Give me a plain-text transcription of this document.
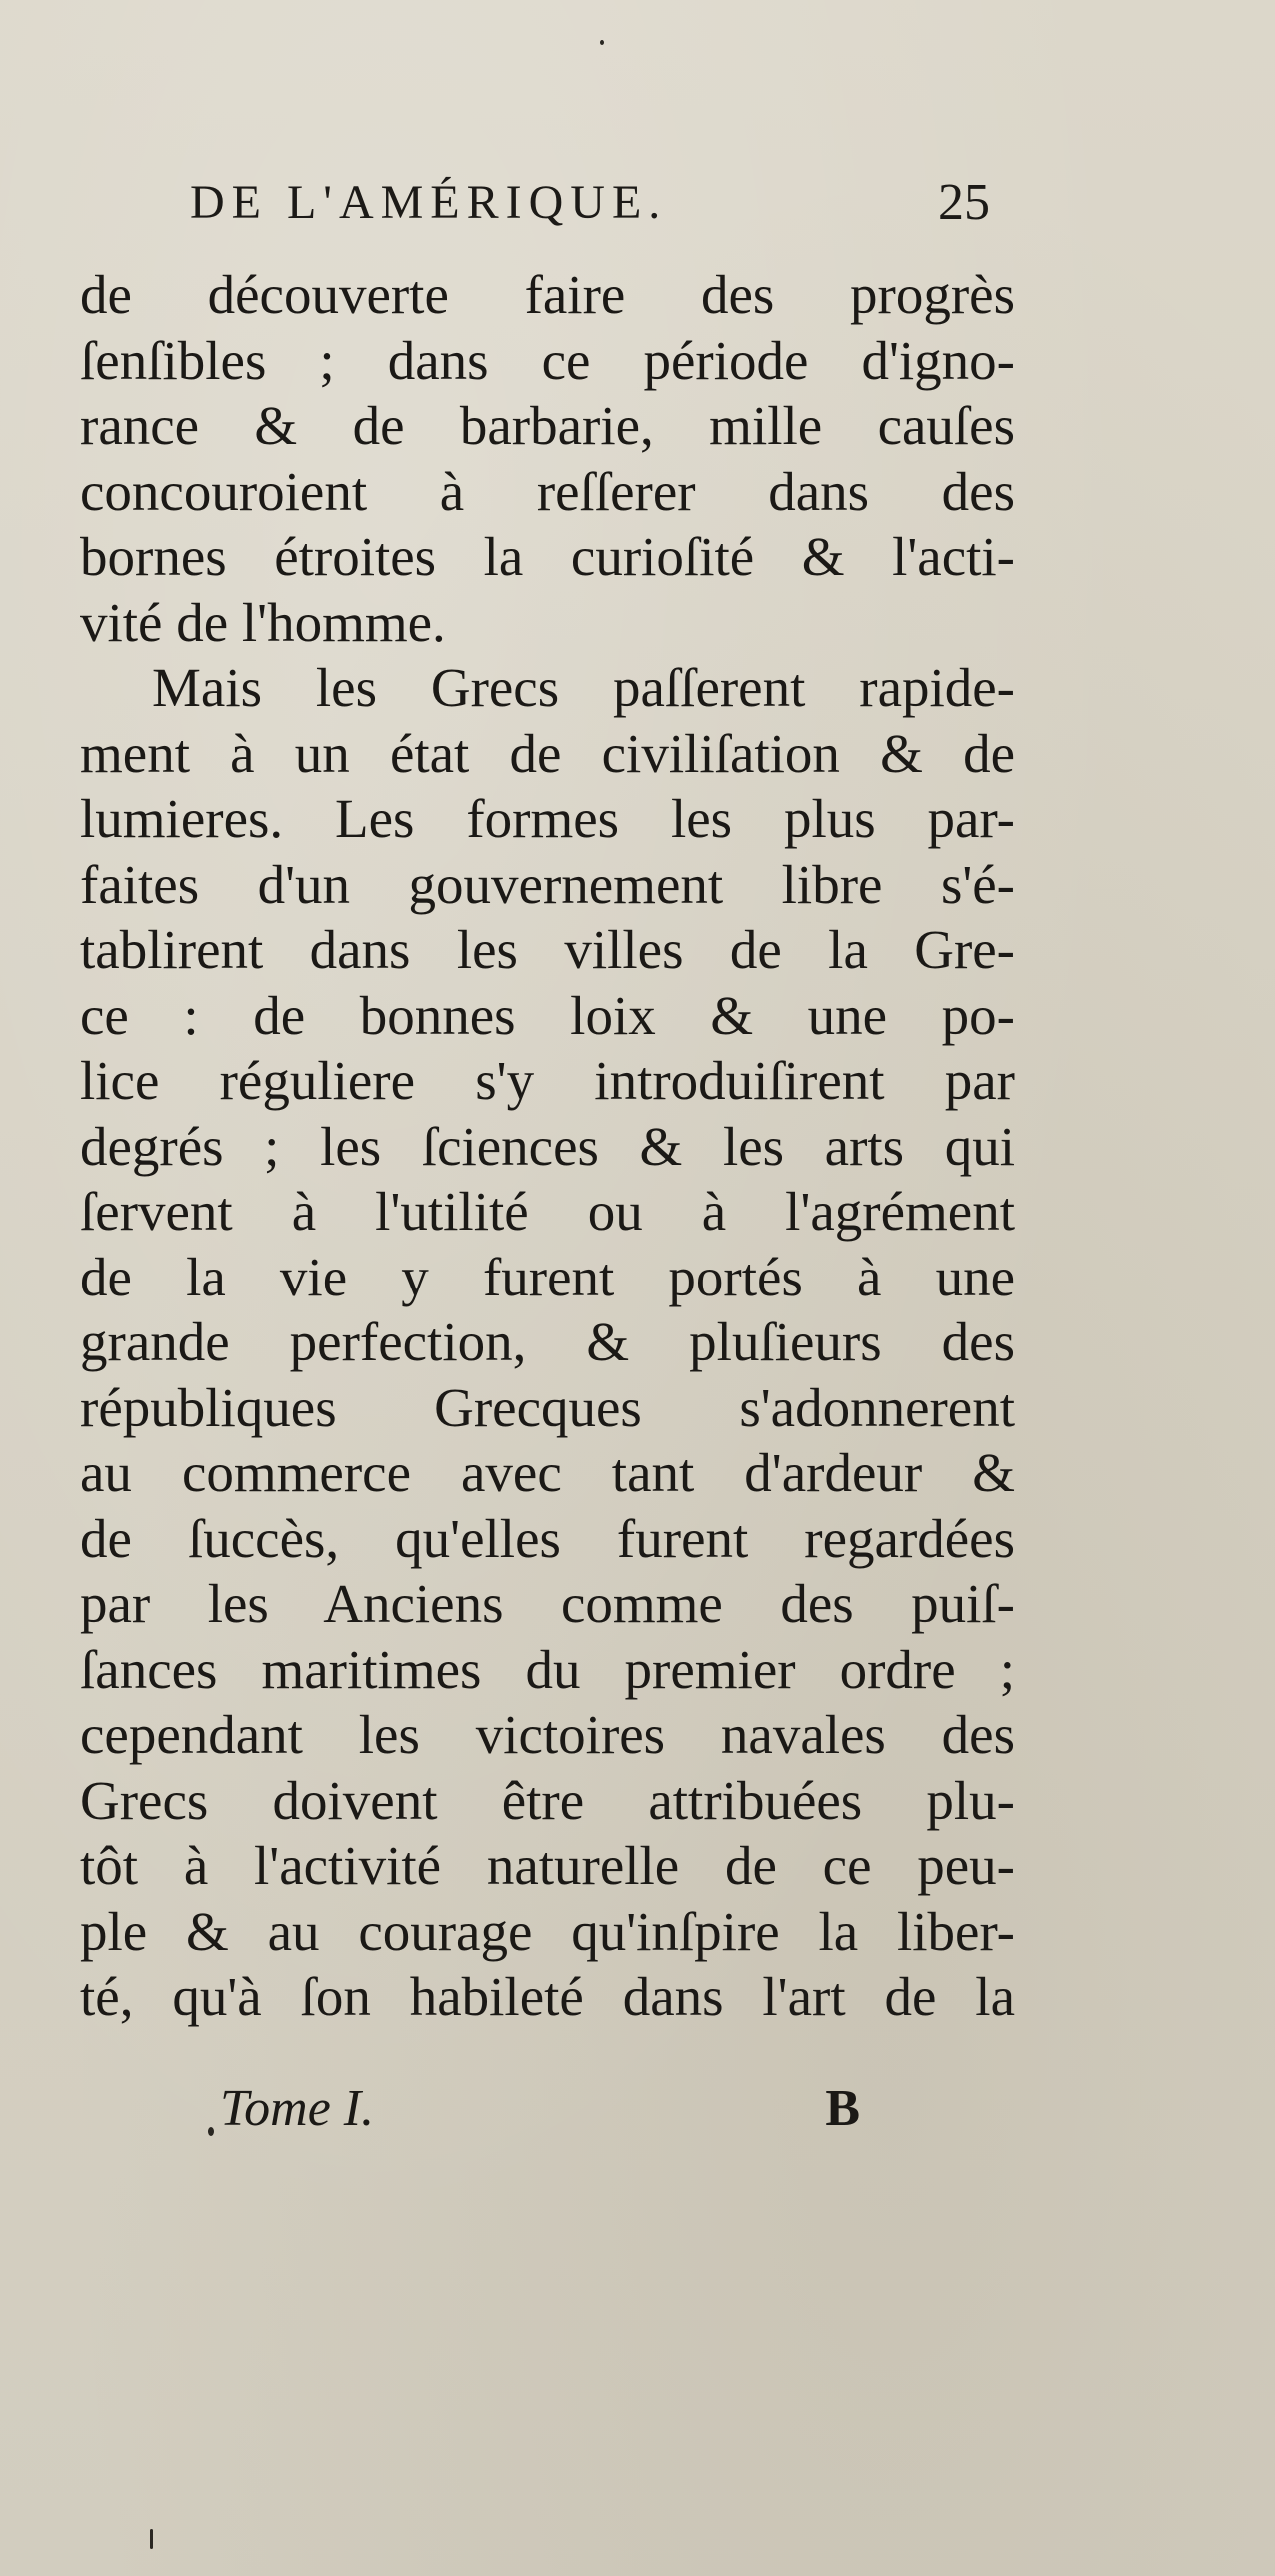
DE L'AMÉRIQUE.	25
de découverte faire des progrès
ſenſibles ; dans ce période d'igno-
rance & de barbarie, mille cauſes
concouroient à reſſerer dans des
bornes étroites la curioſité & l'acti-
vité de l'homme.
Mais les Grecs paſſerent rapide-
ment à un état de civiliſation & de
lumieres. Les formes les plus par-
faites d'un gouvernement libre s'é-
tablirent dans les villes de la Gre-
ce : de bonnes loix & une po-
lice réguliere s'y introduiſirent par
degrés ; les ſciences & les arts qui
ſervent à l'utilité ou à l'agrément
de la vie y furent portés à une
grande perfection, & pluſieurs des
républiques Grecques s'adonnerent
au commerce avec tant d'ardeur &
de ſuccès, qu'elles furent regardées
par les Anciens comme des puiſ-
ſances maritimes du premier ordre ;
cependant les victoires navales des
Grecs doivent être attribuées plu-
tôt à l'activité naturelle de ce peu-
ple & au courage qu'inſpire la liber-
té, qu'à ſon habileté dans l'art de la
Tome I.	B
